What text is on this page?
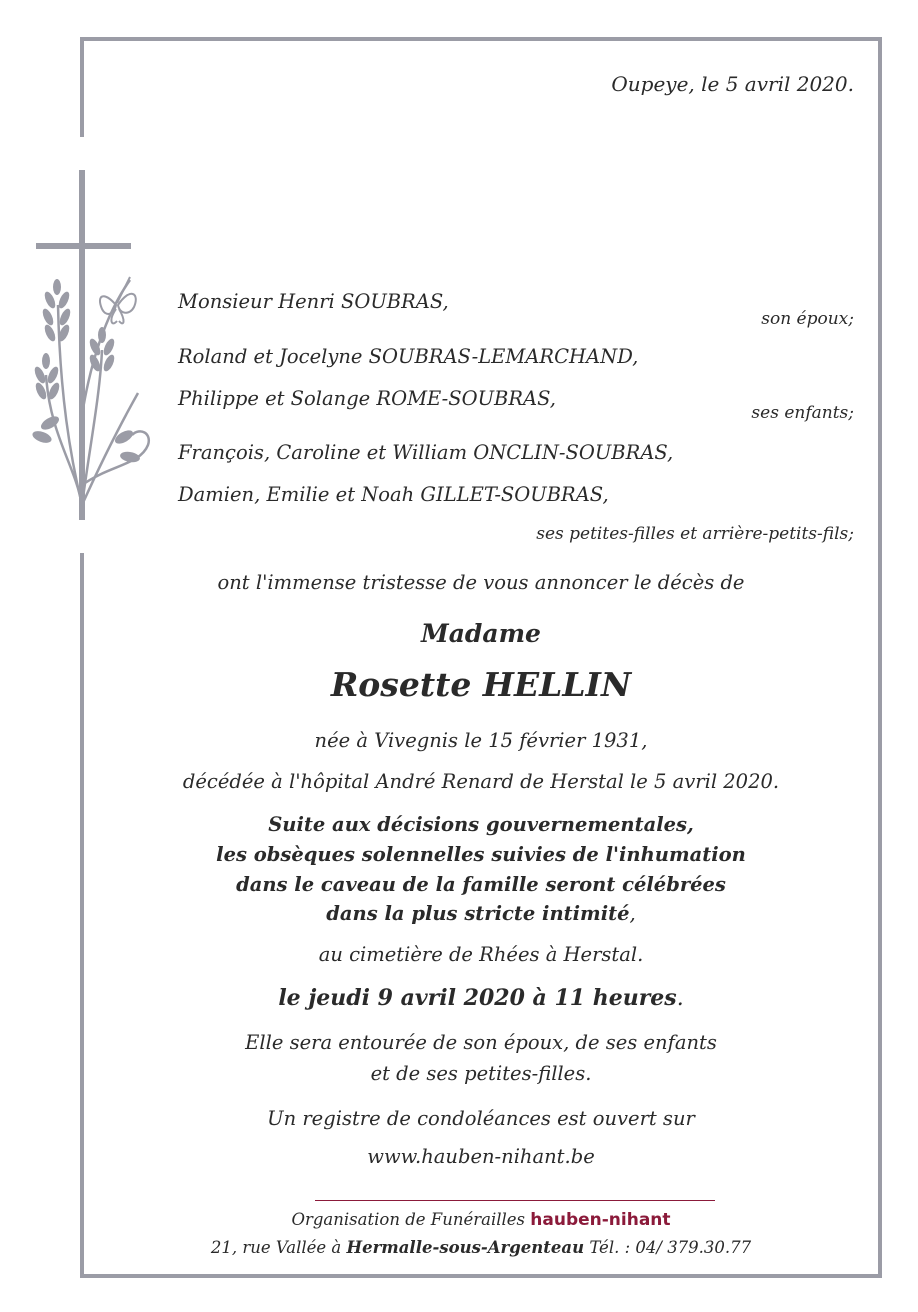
Oupeye, le 5 avril 2020.
Monsieur Henri SOUBRAS,
son époux;
Roland et Jocelyne SOUBRAS-LEMARCHAND,
Philippe et Solange ROME-SOUBRAS,
ses enfants;
François, Caroline et William ONCLIN-SOUBRAS,
Damien, Emilie et Noah GILLET-SOUBRAS,
ses petites-filles et arrière-petits-fils;
ont l'immense tristesse de vous annoncer le décès de
Madame
Rosette HELLIN
née à Vivegnis le 15 février 1931,
décédée à l'hôpital André Renard de Herstal le 5 avril 2020.
Suite aux décisions gouvernementales,
les obsèques solennelles suivies de l'inhumation
dans le caveau de la famille seront célébrées
dans la plus stricte intimité,
au cimetière de Rhées à Herstal.
le jeudi 9 avril 2020 à 11 heures.
Elle sera entourée de son époux, de ses enfants
et de ses petites-filles.
Un registre de condoléances est ouvert sur
www.hauben-nihant.be
Organisation de Funérailles hauben-nihant
21, rue Vallée à Hermalle-sous-Argenteau Tél. : 04/ 379.30.77
